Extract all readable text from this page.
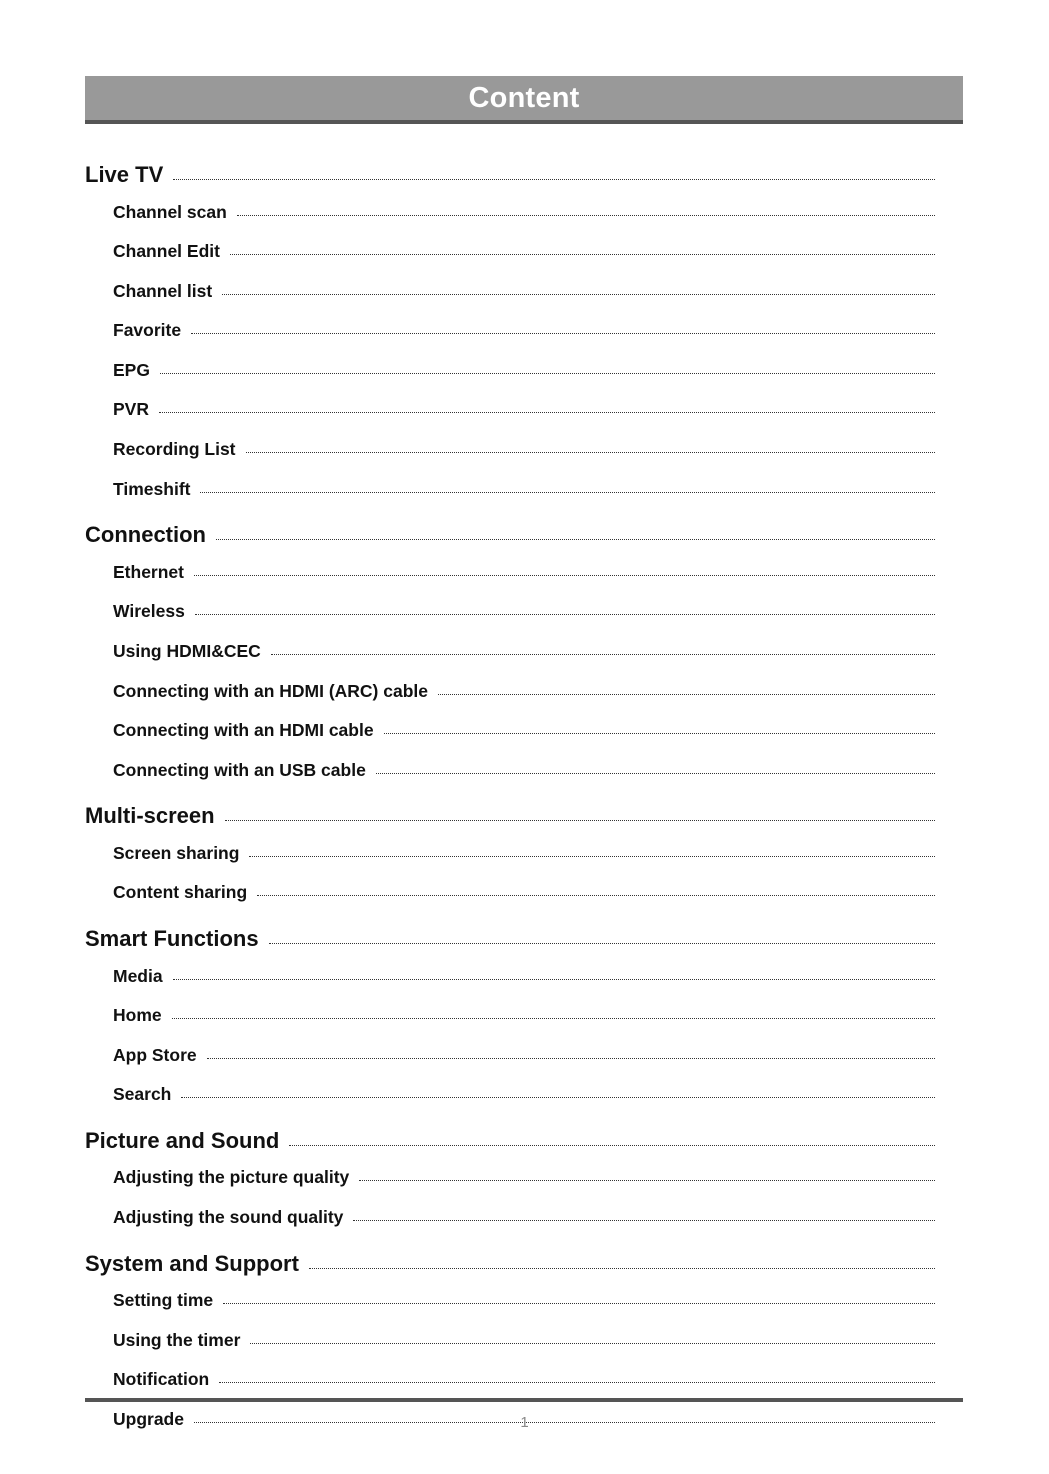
Content
Live TV
Channel scan
Channel Edit
Channel list
Favorite
EPG
PVR
Recording List
Timeshift
Connection
Ethernet
Wireless
Using HDMI&CEC
Connecting with an HDMI (ARC) cable
Connecting with an HDMI cable
Connecting with an USB cable
Multi-screen
Screen sharing
Content sharing
Smart Functions
Media
Home
App Store
Search
Picture and Sound
Adjusting the picture quality
Adjusting the sound quality
System and Support
Setting time
Using the timer
Notification
Upgrade	1
